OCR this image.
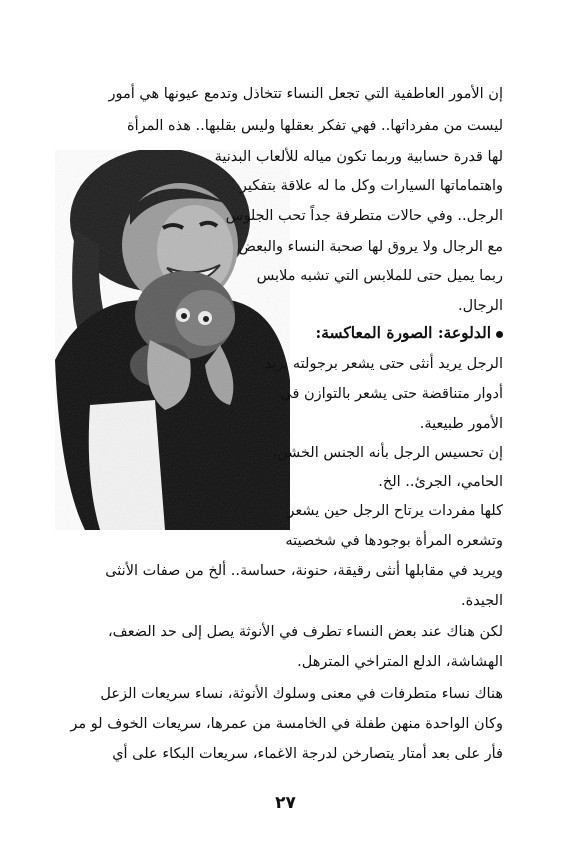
إن الأمور العاطفية التي تجعل النساء تتخاذل وتدمع عيونها هي أمور
ليست من مفرداتها.. فهي تفكر بعقلها وليس بقلبها.. هذه المرأة
لها قدرة حسابية وربما تكون مياله للألعاب البدنية
واهتماماتها السيارات وكل ما له علاقة بتفكير
الرجل.. وفي حالات متطرفة جداً تحب الجلوس
مع الرجال ولا يروق لها صحبة النساء والبعض
ربما يميل حتى للملابس التي تشبه ملابس
الرجال.
الدلوعة: الصورة المعاكسة:
الرجل يريد أنثى حتى يشعر برجولته يريد
أدوار متناقضة حتى يشعر بالتوازن في
الأمور طبيعية.
إن تحسيس الرجل بأنه الجنس الخشن،
الحامي، الجرئ.. الخ.
كلها مفردات يرتاح الرجل حين يشعر
وتشعره المرأة بوجودها في شخصيته
ويريد في مقابلها أنثى رقيقة، حنونة، حساسة.. ألخ من صفات الأنثى
الجيدة.
لكن هناك عند بعض النساء تطرف في الأنوثة يصل إلى حد الضعف،
الهشاشة، الدلع المتراخي المترهل.
هناك نساء متطرفات في معنى وسلوك الأنوثة، نساء سريعات الزعل
وكان الواحدة منهن طفلة في الخامسة من عمرها، سريعات الخوف لو مر
فأر على بعد أمتار يتصارخن لدرجة الاغماء، سريعات البكاء على أي
٢٧
